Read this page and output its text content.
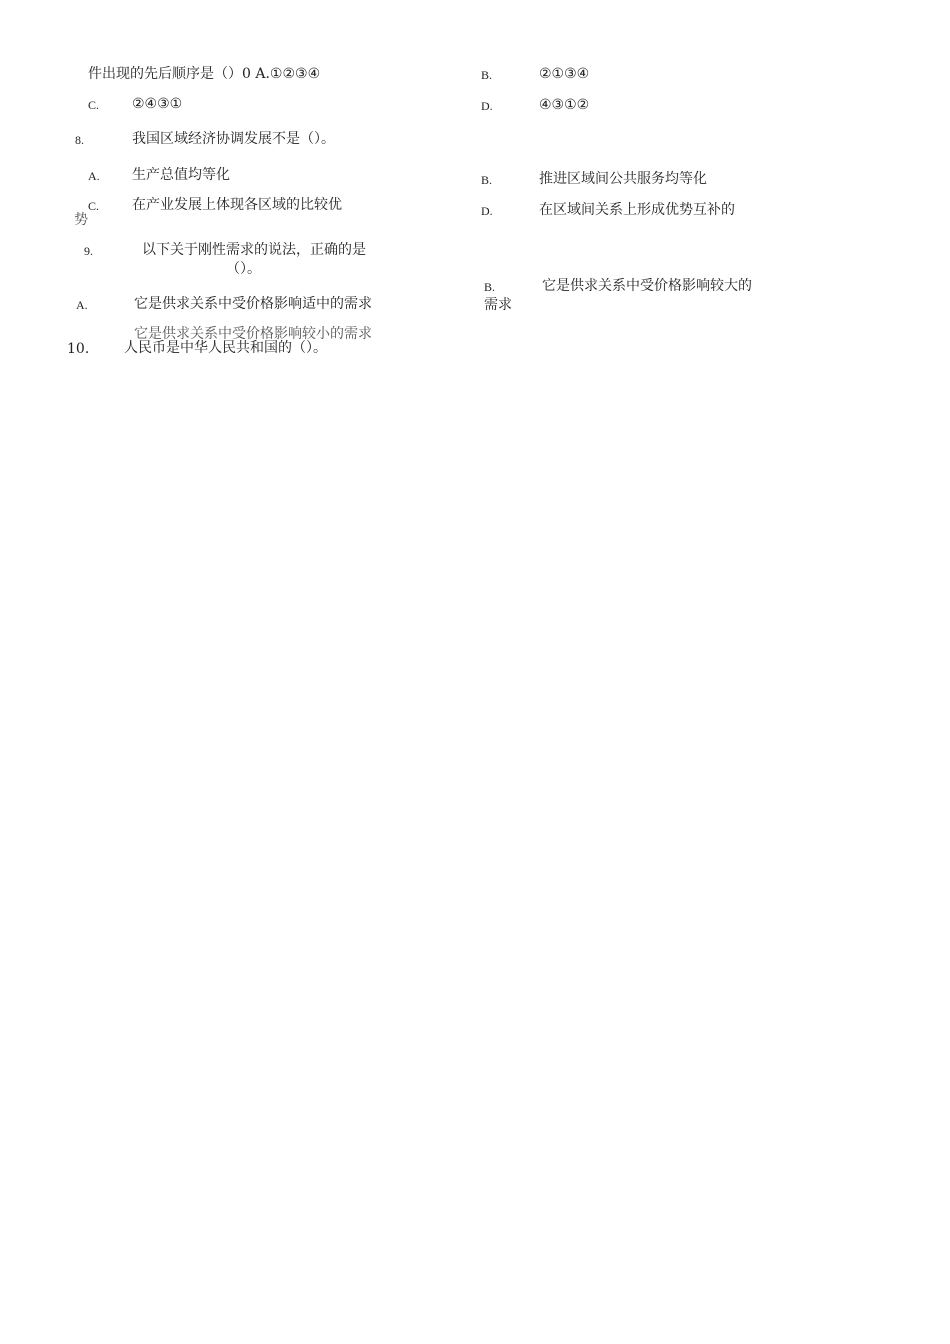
件出现的先后顺序是（）0 A.①②③④	B.	②①③④
C. ②④③①	D.	④③①②
8.	我国区域经济协调发展不是（）。
A. 生产总值均等化	B.	推进区域间公共服务均等化
C. 在产业发展上体现各区域的比较优
势
D.	在区域间关系上形成优势互补的
9.	以下关于刚性需求的说法，正确的是
（）。
B.	它是供求关系中受价格影响较大的
需求
A.	它是供求关系中受价格影响适中的需求
它是供求关系中受价格影响较小的需求
10. 人民币是中华人民共和国的（）。
